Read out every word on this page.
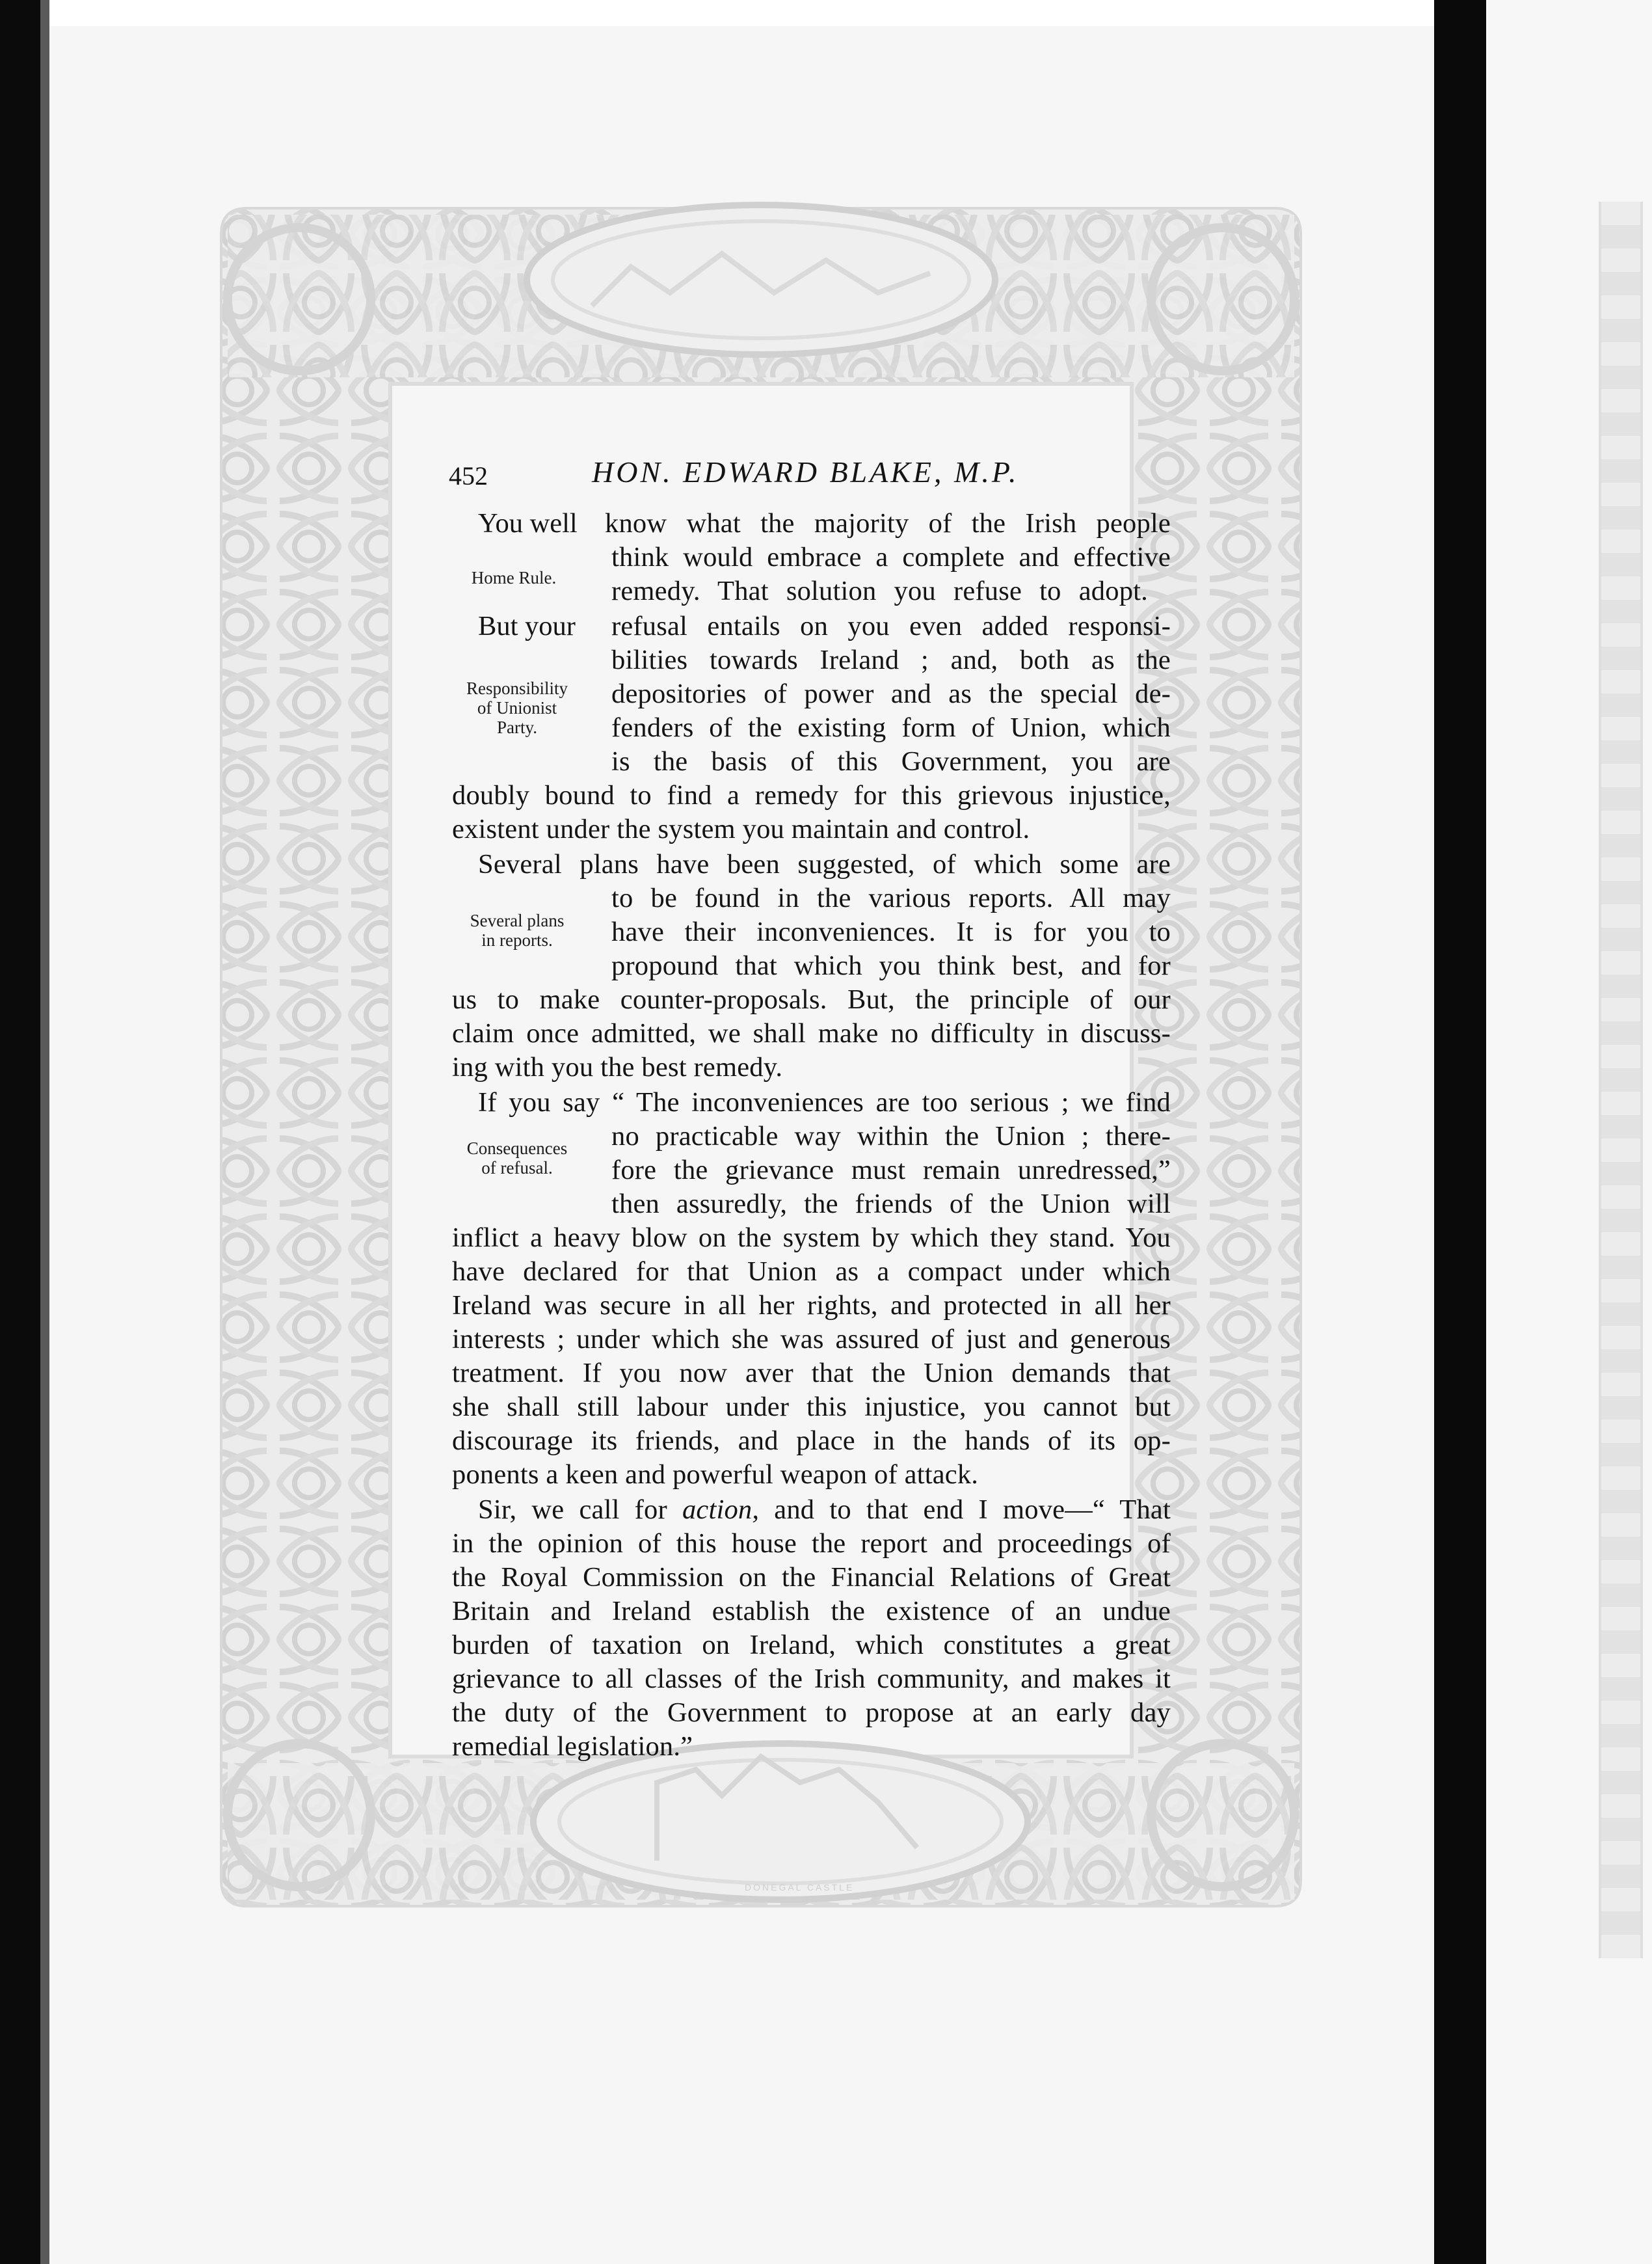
DONEGAL CASTLE
452	HON. EDWARD BLAKE, M.P.
Home Rule.
Responsibility
of Unionist
Party.
Several plans
in reports.
Consequences
of refusal.
You well know what the majority of the Irish people
think would embrace a complete and effective
remedy. That solution you refuse to adopt.
But your refusal entails on you even added responsi-
bilities towards Ireland ; and, both as the
depositories of power and as the special de-
fenders of the existing form of Union, which
is the basis of this Government, you are
doubly bound to find a remedy for this grievous injustice,
existent under the system you maintain and control.
Several plans have been suggested, of which some are
to be found in the various reports. All may
have their inconveniences. It is for you to
propound that which you think best, and for
us to make counter-proposals. But, the principle of our
claim once admitted, we shall make no difficulty in discuss-
ing with you the best remedy.
If you say “ The inconveniences are too serious ; we find
no practicable way within the Union ; there-
fore the grievance must remain unredressed,”
then assuredly, the friends of the Union will
inflict a heavy blow on the system by which they stand. You
have declared for that Union as a compact under which
Ireland was secure in all her rights, and protected in all her
interests ; under which she was assured of just and generous
treatment. If you now aver that the Union demands that
she shall still labour under this injustice, you cannot but
discourage its friends, and place in the hands of its op-
ponents a keen and powerful weapon of attack.
Sir, we call for action, and to that end I move—“ That
in the opinion of this house the report and proceedings of
the Royal Commission on the Financial Relations of Great
Britain and Ireland establish the existence of an undue
burden of taxation on Ireland, which constitutes a great
grievance to all classes of the Irish community, and makes it
the duty of the Government to propose at an early day
remedial legislation.”
